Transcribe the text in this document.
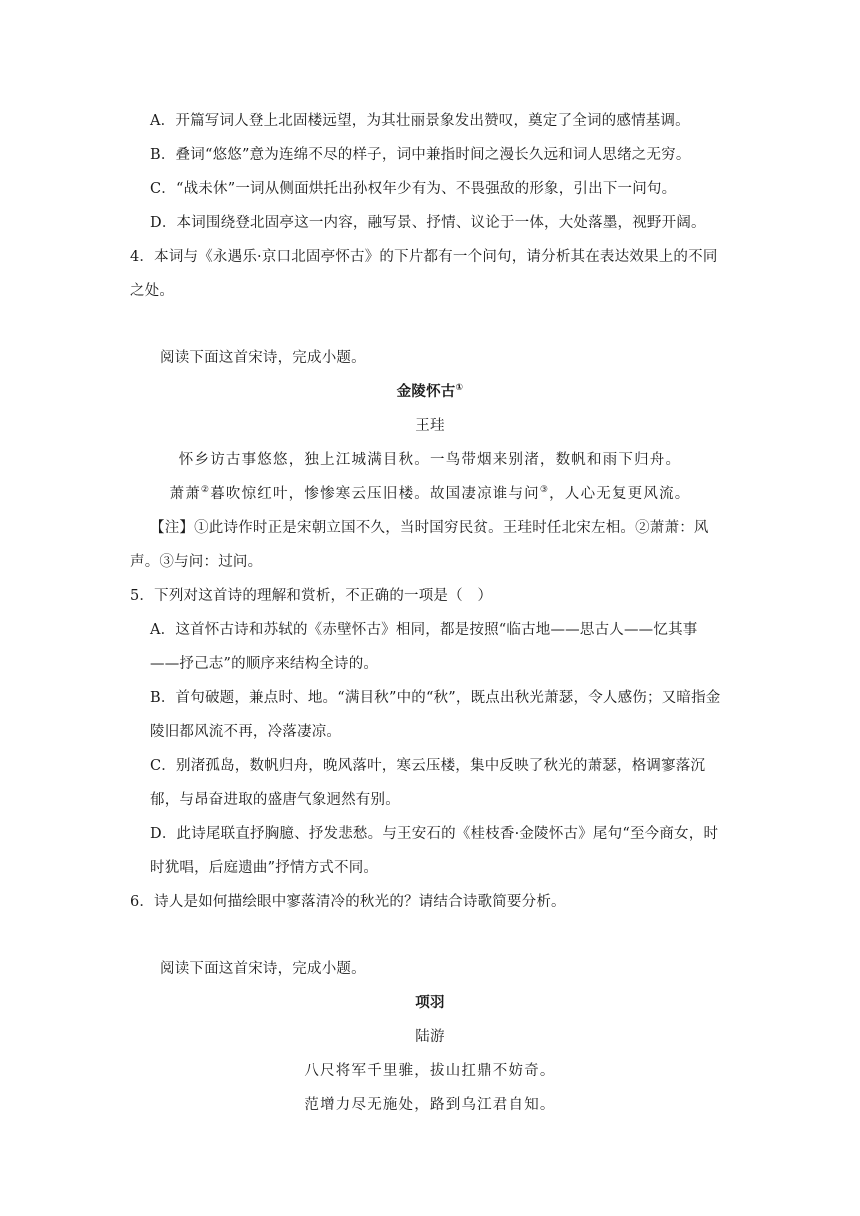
A．开篇写词人登上北固楼远望，为其壮丽景象发出赞叹，奠定了全词的感情基调。
B．叠词“悠悠”意为连绵不尽的样子，词中兼指时间之漫长久远和词人思绪之无穷。
C．“战未休”一词从侧面烘托出孙权年少有为、不畏强敌的形象，引出下一问句。
D．本词围绕登北固亭这一内容，融写景、抒情、议论于一体，大处落墨，视野开阔。
4．本词与《永遇乐·京口北固亭怀古》的下片都有一个问句，请分析其在表达效果上的不同
之处。
阅读下面这首宋诗，完成小题。
金陵怀古①
王珪
怀乡访古事悠悠，独上江城满目秋。一鸟带烟来别渚，数帆和雨下归舟。
萧萧②暮吹惊红叶，惨惨寒云压旧楼。故国凄凉谁与问③，人心无复更风流。
【注】①此诗作时正是宋朝立国不久，当时国穷民贫。王珪时任北宋左相。②萧萧：风
声。③与问：过问。
5．下列对这首诗的理解和赏析，不正确的一项是（　）
A．这首怀古诗和苏轼的《赤壁怀古》相同，都是按照“临古地——思古人——忆其事
——抒己志”的顺序来结构全诗的。
B．首句破题，兼点时、地。“满目秋”中的“秋”，既点出秋光萧瑟，令人感伤；又暗指金
陵旧都风流不再，冷落凄凉。
C．别渚孤岛，数帆归舟，晚风落叶，寒云压楼，集中反映了秋光的萧瑟，格调寥落沉
郁，与昂奋进取的盛唐气象迥然有别。
D．此诗尾联直抒胸臆、抒发悲愁。与王安石的《桂枝香·金陵怀古》尾句“至今商女，时
时犹唱，后庭遗曲”抒情方式不同。
6．诗人是如何描绘眼中寥落清冷的秋光的？请结合诗歌简要分析。
阅读下面这首宋诗，完成小题。
项羽
陆游
八尺将军千里骓，拔山扛鼎不妨奇。
范增力尽无施处，路到乌江君自知。
